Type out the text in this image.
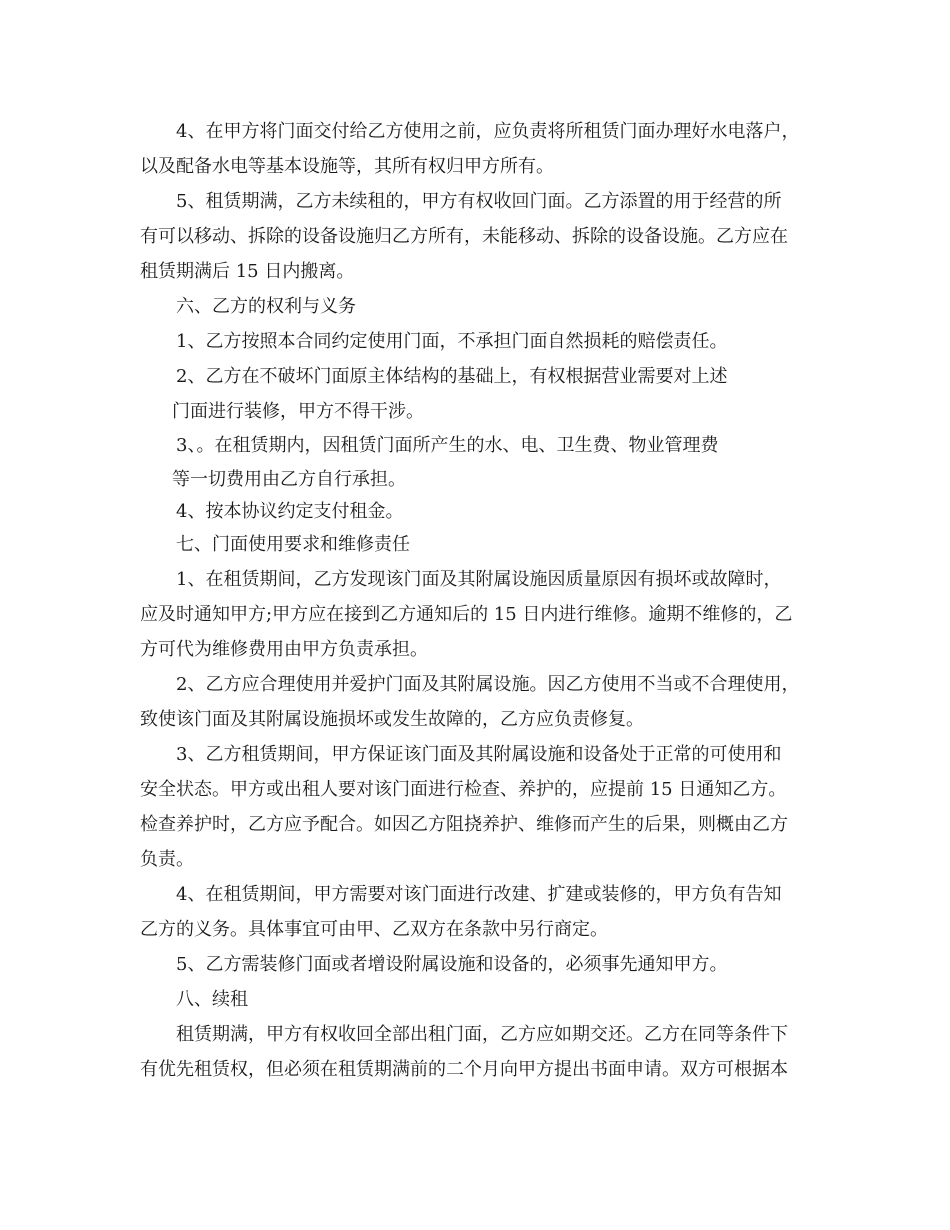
4、在甲方将门面交付给乙方使用之前，应负责将所租赁门面办理好水电落户，

以及配备水电等基本设施等，其所有权归甲方所有。

5、租赁期满，乙方未续租的，甲方有权收回门面。乙方添置的用于经营的所

有可以移动、拆除的设备设施归乙方所有，未能移动、拆除的设备设施。乙方应在

租赁期满后 15 日内搬离。

六、乙方的权利与义务

1、乙方按照本合同约定使用门面，不承担门面自然损耗的赔偿责任。

2、乙方在不破坏门面原主体结构的基础上，有权根据营业需要对上述

门面进行装修，甲方不得干涉。

3、。在租赁期内，因租赁门面所产生的水、电、卫生费、物业管理费

等一切费用由乙方自行承担。

4、按本协议约定支付租金。

七、门面使用要求和维修责任

1、在租赁期间，乙方发现该门面及其附属设施因质量原因有损坏或故障时，

应及时通知甲方;甲方应在接到乙方通知后的 15 日内进行维修。逾期不维修的，乙

方可代为维修费用由甲方负责承担。

2、乙方应合理使用并爱护门面及其附属设施。因乙方使用不当或不合理使用，

致使该门面及其附属设施损坏或发生故障的，乙方应负责修复。

3、乙方租赁期间，甲方保证该门面及其附属设施和设备处于正常的可使用和

安全状态。甲方或出租人要对该门面进行检查、养护的，应提前 15 日通知乙方。

检查养护时，乙方应予配合。如因乙方阻挠养护、维修而产生的后果，则概由乙方

负责。

4、在租赁期间，甲方需要对该门面进行改建、扩建或装修的，甲方负有告知

乙方的义务。具体事宜可由甲、乙双方在条款中另行商定。

5、乙方需装修门面或者增设附属设施和设备的，必须事先通知甲方。

八、续租

租赁期满，甲方有权收回全部出租门面，乙方应如期交还。乙方在同等条件下

有优先租赁权，但必须在租赁期满前的二个月向甲方提出书面申请。双方可根据本
